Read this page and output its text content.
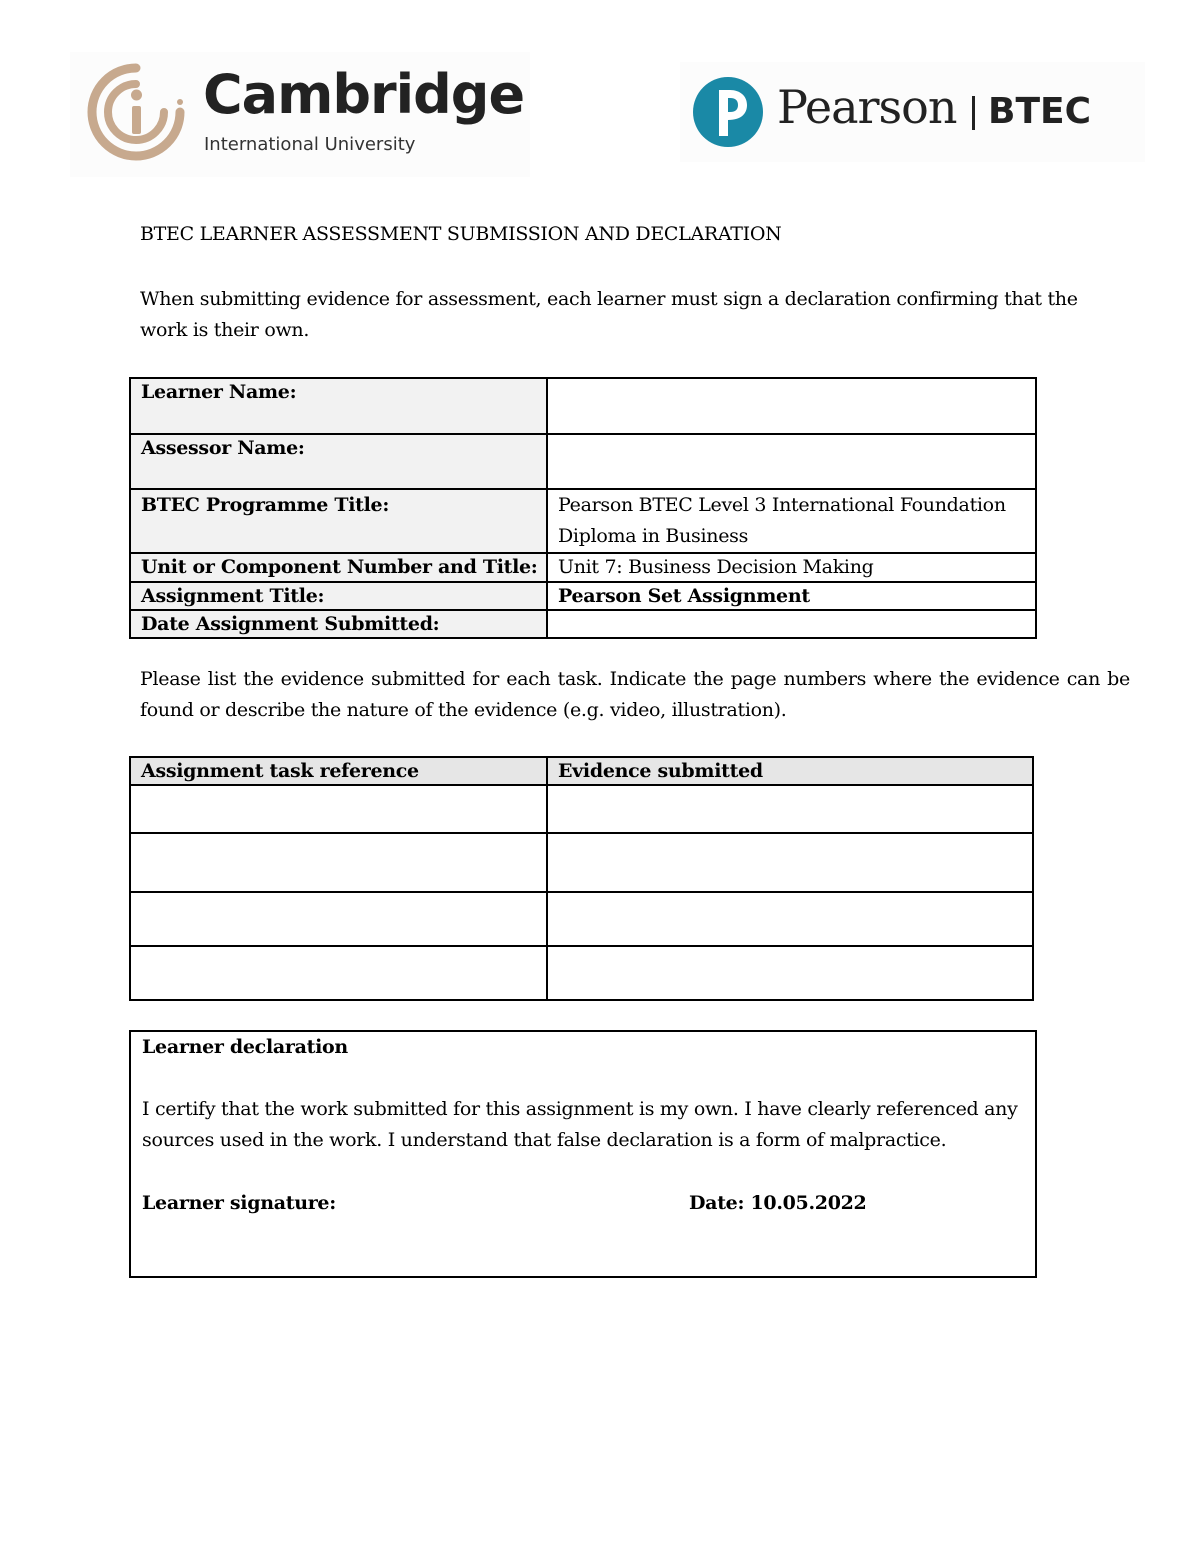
Cambridge
International University
Pearson BTEC
BTEC LEARNER ASSESSMENT SUBMISSION AND DECLARATION
When submitting evidence for assessment, each learner must sign a declaration confirming that the work is their own.
Learner Name:	
Assessor Name:	
BTEC Programme Title:	Pearson BTEC Level 3 International Foundation Diploma in Business
Unit or Component Number and Title:	Unit 7: Business Decision Making
Assignment Title:	Pearson Set Assignment
Date Assignment Submitted:	
Please list the evidence submitted for each task. Indicate the page numbers where the evidence can be found or describe the nature of the evidence (e.g. video, illustration).
Assignment task reference	Evidence submitted

Learner declaration
I certify that the work submitted for this assignment is my own. I have clearly referenced any sources used in the work. I understand that false declaration is a form of malpractice.
Learner signature:	Date: 10.05.2022
